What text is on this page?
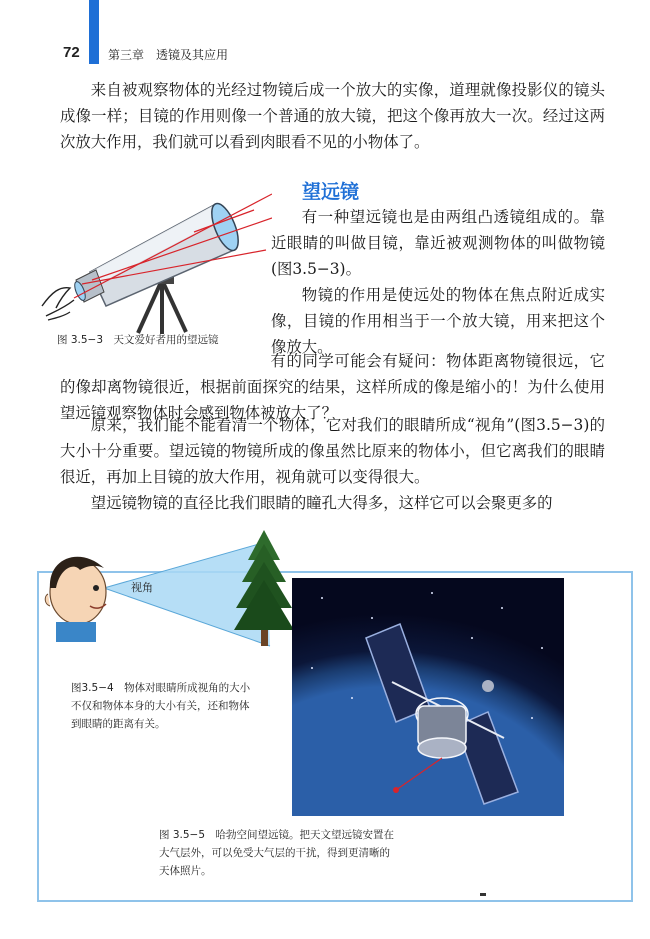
72 第三章　透镜及其应用

来自被观察物体的光经过物镜后成一个放大的实像，道理就像投影仪的镜头成像一样；目镜的作用则像一个普通的放大镜，把这个像再放大一次。经过这两次放大作用，我们就可以看到肉眼看不见的小物体了。

望远镜
图 3.5−3　天文爱好者用的望远镜

有一种望远镜也是由两组凸透镜组成的。靠近眼睛的叫做目镜，靠近被观测物体的叫做物镜(图3.5−3)。

物镜的作用是使远处的物体在焦点附近成实像，目镜的作用相当于一个放大镜，用来把这个像放大。

有的同学可能会有疑问：物体距离物镜很远，它的像却离物镜很近，根据前面探究的结果，这样所成的像是缩小的！为什么使用望远镜观察物体时会感到物体被放大了？

原来，我们能不能看清一个物体，它对我们的眼睛所成“视角”(图3.5−3)的大小十分重要。望远镜的物镜所成的像虽然比原来的物体小，但它离我们的眼睛很近，再加上目镜的放大作用，视角就可以变得很大。

望远镜物镜的直径比我们眼睛的瞳孔大得多，这样它可以会聚更多的

视角
图3.5−4　物体对眼睛所成视角的大小不仅和物体本身的大小有关，还和物体到眼睛的距离有关。
图 3.5−5　哈勃空间望远镜。把天文望远镜安置在大气层外，可以免受大气层的干扰，得到更清晰的天体照片。
